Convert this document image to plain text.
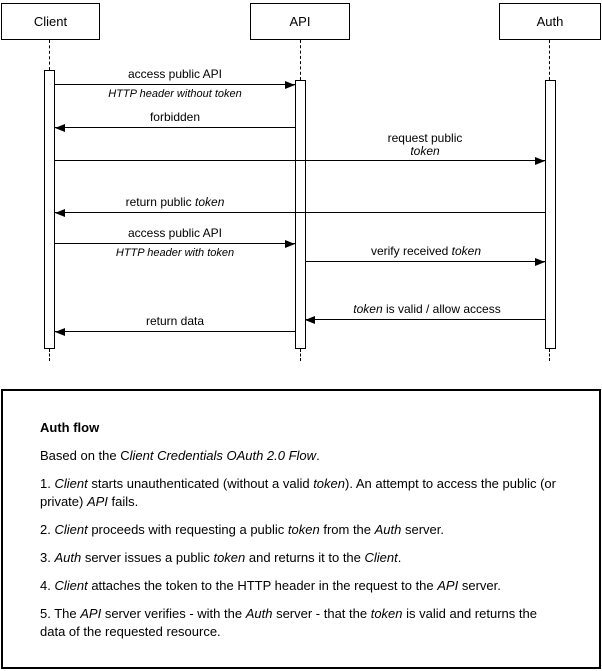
Client	API	Auth
access public API
HTTP header without token
forbidden
request public
token
return public token
access public API
HTTP header with token	verify received token
token is valid / allow access
return data

Auth flow

Based on the Client Credentials OAuth 2.0 Flow.

1. Client starts unauthenticated (without a valid token). An attempt to access the public (or private) API fails.

2. Client proceeds with requesting a public token from the Auth server.

3. Auth server issues a public token and returns it to the Client.

4. Client attaches the token to the HTTP header in the request to the API server.

5. The API server verifies - with the Auth server - that the token is valid and returns the data of the requested resource.
